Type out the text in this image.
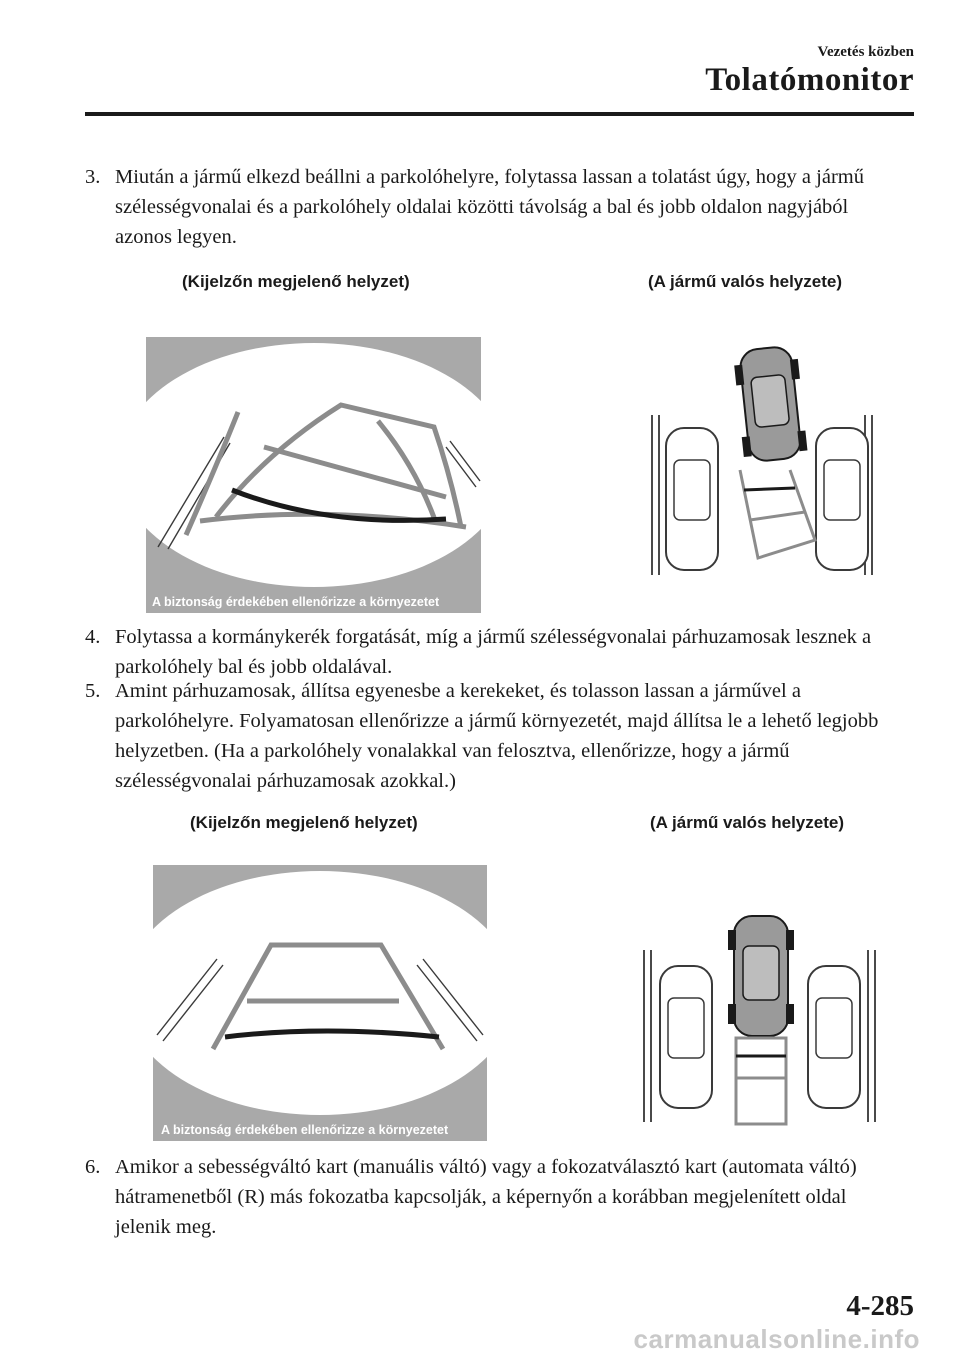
Vezetés közben
Tolatómonitor
3. Miután a jármű elkezd beállni a parkolóhelyre, folytassa lassan a tolatást úgy, hogy a jármű szélességvonalai és a parkolóhely oldalai közötti távolság a bal és jobb oldalon nagyjából azonos legyen.
(Kijelzőn megjelenő helyzet)	(A jármű valós helyzete)
A biztonság érdekében ellenőrizze a környezetet
4. Folytassa a kormánykerék forgatását, míg a jármű szélességvonalai párhuzamosak lesznek a parkolóhely bal és jobb oldalával.
5. Amint párhuzamosak, állítsa egyenesbe a kerekeket, és tolasson lassan a járművel a parkolóhelyre. Folyamatosan ellenőrizze a jármű környezetét, majd állítsa le a lehető legjobb helyzetben. (Ha a parkolóhely vonalakkal van felosztva, ellenőrizze, hogy a jármű szélességvonalai párhuzamosak azokkal.)
(Kijelzőn megjelenő helyzet)	(A jármű valós helyzete)
A biztonság érdekében ellenőrizze a környezetet
6. Amikor a sebességváltó kart (manuális váltó) vagy a fokozatválasztó kart (automata váltó) hátramenetből (R) más fokozatba kapcsolják, a képernyőn a korábban megjelenített oldal jelenik meg.
4-285
carmanualsonline.info
